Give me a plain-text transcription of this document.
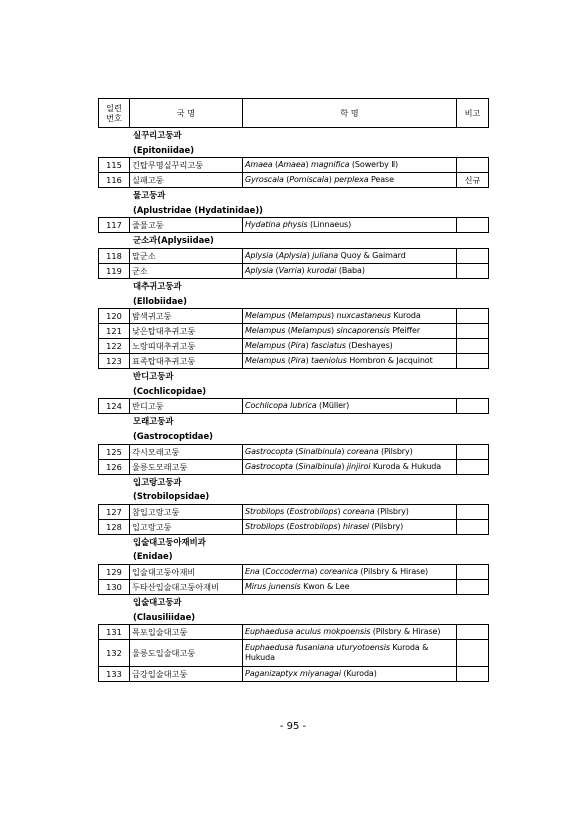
일련
번호	국 명	학 명	비고

	실꾸리고둥과
(Epitoniidae)		

115	긴탑무명실꾸리고둥	Amaea (Amaea) magnifica (Sowerby Ⅱ)	
116	실패고둥	Gyroscala (Pomiscala) perplexa Pease	신규

	물고둥과
(Aplustridae (Hydatinidae))		

117	줄물고둥	Hydatina physis (Linnaeus)	

	군소과(Aplysiidae)		

118	말군소	Aplysia (Aplysia) juliana Quoy & Gaimard	
119	군소	Aplysia (Varria) kurodai (Baba)	

	대추귀고둥과
(Ellobiidae)		

120	밤색귀고둥	Melampus (Melampus) nuxcastaneus Kuroda	
121	낮은탑대추귀고둥	Melampus (Melampus) sincaporensis Pfeiffer	
122	노랑띠대추귀고둥	Melampus (Pira) fasciatus (Deshayes)	
123	표족탑대추귀고둥	Melampus (Pira) taeniolus Hombron & Jacquinot	

	반디고둥과
(Cochlicopidae)		

124	반디고둥	Cochlicopa lubrica (Müller)	

	모래고둥과
(Gastrocoptidae)		

125	각시모래고둥	Gastrocopta (Sinalbinula) coreana (Pilsbry)	
126	울릉도모래고둥	Gastrocopta (Sinalbinula) jinjiroi Kuroda & Hukuda	

	입고랑고둥과
(Strobilopsidae)		

127	참입고랑고둥	Strobilops (Eostrobilops) coreana (Pilsbry)	
128	입고랑고둥	Strobilops (Eostrobilops) hirasei (Pilsbry)	

	입술대고둥아재비과
(Enidae)		

129	입술대고둥아재비	Ena (Coccoderma) coreanica (Pilsbry & Hirase)	
130	두타산입술대고둥아재비	Mirus junensis Kwon & Lee	

	입술대고둥과
(Clausiliidae)		

131	목포입술대고둥	Euphaedusa aculus mokpoensis (Pilsbry & Hirase)	
132	울릉도입술대고둥	Euphaedusa fusaniana uturyotoensis Kuroda & Hukuda	
133	금강입술대고둥	Paganizaptyx miyanagai (Kuroda)	
- 95 -
